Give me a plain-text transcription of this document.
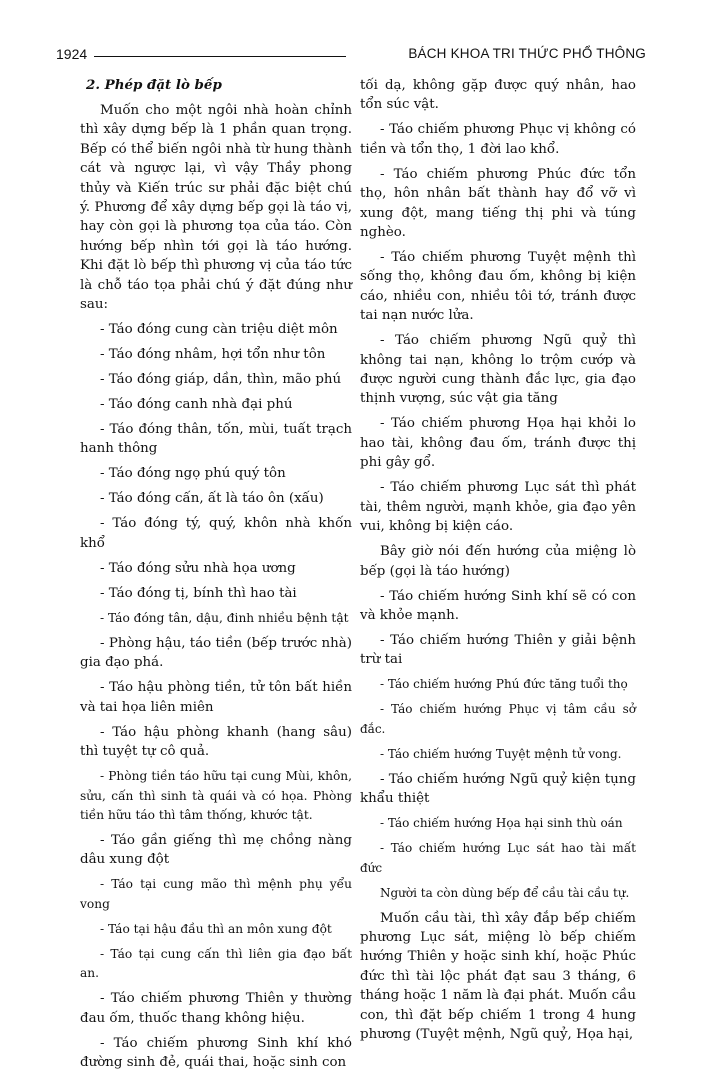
1924	BÁCH KHOA TRI THỨC PHỔ THÔNG

2. Phép đặt lò bếp

Muốn cho một ngôi nhà hoàn chỉnh thì xây dựng bếp là 1 phần quan trọng. Bếp có thể biến ngôi nhà từ hung thành cát và ngược lại, vì vậy Thầy phong thủy và Kiến trúc sư phải đặc biệt chú ý. Phương để xây dựng bếp gọi là táo vị, hay còn gọi là phương tọa của táo. Còn hướng bếp nhìn tới gọi là táo hướng. Khi đặt lò bếp thì phương vị của táo tức là chỗ táo tọa phải chú ý đặt đúng như sau:

- Táo đóng cung càn triệu diệt môn

- Táo đóng nhâm, hợi tổn như tôn

- Táo đóng giáp, dần, thìn, mão phú

- Táo đóng canh nhà đại phú

- Táo đóng thân, tốn, mùi, tuất trạch hanh thông

- Táo đóng ngọ phú quý tôn

- Táo đóng cấn, ất là táo ôn (xấu)

- Táo đóng tý, quý, khôn nhà khốn khổ

- Táo đóng sửu nhà họa ương

- Táo đóng tị, bính thì hao tài

- Táo đóng tân, dậu, đinh nhiều bệnh tật

- Phòng hậu, táo tiền (bếp trước nhà) gia đạo phá.

- Táo hậu phòng tiền, tử tôn bất hiền và tai họa liên miên

- Táo hậu phòng khanh (hang sâu) thì tuyệt tự cô quả.

- Phòng tiền táo hữu tại cung Mùi, khôn, sửu, cấn thì sinh tà quái và có họa. Phòng tiền hữu táo thì tâm thống, khước tật.

- Táo gần giếng thì mẹ chồng nàng dâu xung đột

- Táo tại cung mão thì mệnh phụ yểu vong

- Táo tại hậu đầu thì an môn xung đột

- Táo tại cung cấn thì liên gia đạo bất an.

- Táo chiếm phương Thiên y thường đau ốm, thuốc thang không hiệu.

- Táo chiếm phương Sinh khí khó đường sinh đẻ, quái thai, hoặc sinh con

tối dạ, không gặp được quý nhân, hao tổn súc vật.

- Táo chiếm phương Phục vị không có tiền và tổn thọ, 1 đời lao khổ.

- Táo chiếm phương Phúc đức tổn thọ, hôn nhân bất thành hay đổ vỡ vì xung đột, mang tiếng thị phi và túng nghèo.

- Táo chiếm phương Tuyệt mệnh thì sống thọ, không đau ốm, không bị kiện cáo, nhiều con, nhiều tôi tớ, tránh được tai nạn nước lửa.

- Táo chiếm phương Ngũ quỷ thì không tai nạn, không lo trộm cướp và được người cung thành đắc lực, gia đạo thịnh vượng, súc vật gia tăng

- Táo chiếm phương Họa hại khỏi lo hao tài, không đau ốm, tránh được thị phi gây gổ.

- Táo chiếm phương Lục sát thì phát tài, thêm người, mạnh khỏe, gia đạo yên vui, không bị kiện cáo.

Bây giờ nói đến hướng của miệng lò bếp (gọi là táo hướng)

- Táo chiếm hướng Sinh khí sẽ có con và khỏe mạnh.

- Táo chiếm hướng Thiên y giải bệnh trừ tai

- Táo chiếm hướng Phú đức tăng tuổi thọ

- Táo chiếm hướng Phục vị tâm cầu sở đắc.

- Táo chiếm hướng Tuyệt mệnh tử vong.

- Táo chiếm hướng Ngũ quỷ kiện tụng khẩu thiệt

- Táo chiếm hướng Họa hại sinh thù oán

- Táo chiếm hướng Lục sát hao tài mất đức

Người ta còn dùng bếp để cầu tài cầu tự.

Muốn cầu tài, thì xây đắp bếp chiếm phương Lục sát, miệng lò bếp chiếm hướng Thiên y hoặc sinh khí, hoặc Phúc đức thì tài lộc phát đạt sau 3 tháng, 6 tháng hoặc 1 năm là đại phát. Muốn cầu con, thì đặt bếp chiếm 1 trong 4 hung phương (Tuyệt mệnh, Ngũ quỷ, Họa hại,
